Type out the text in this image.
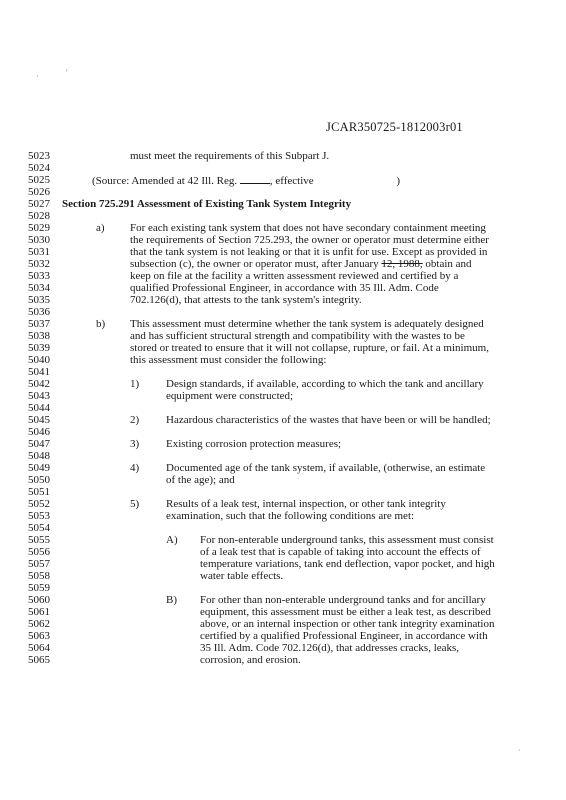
·	'
JCAR350725-1812003r01
5023
5024
5025
5026
5027
5028
5029
5030
5031
5032
5033
5034
5035
5036
5037
5038
5039
5040
5041
5042
5043
5044
5045
5046
5047
5048
5049
5050
5051
5052
5053
5054
5055
5056
5057
5058
5059
5060
5061
5062
5063
5064
5065
must meet the requirements of this Subpart J.
(Source: Amended at 42 Ill. Reg.	, effective	)
Section 725.291 Assessment of Existing Tank System Integrity
a) For each existing tank system that does not have secondary containment meeting
the requirements of Section 725.293, the owner or operator must determine either
that the tank system is not leaking or that it is unfit for use. Except as provided in
subsection (c), the owner or operator must, after January 12, 1988, obtain and
keep on file at the facility a written assessment reviewed and certified by a
qualified Professional Engineer, in accordance with 35 Ill. Adm. Code
702.126(d), that attests to the tank system's integrity.
b) This assessment must determine whether the tank system is adequately designed
and has sufficient structural strength and compatibility with the wastes to be
stored or treated to ensure that it will not collapse, rupture, or fail. At a minimum,
this assessment must consider the following:
1) Design standards, if available, according to which the tank and ancillary
equipment were constructed;
2) Hazardous characteristics of the wastes that have been or will be handled;
3) Existing corrosion protection measures;
4) Documented age of the tank system, if available, (otherwise, an estimate
of the age); and
5) Results of a leak test, internal inspection, or other tank integrity
examination, such that the following conditions are met:
A) For non-enterable underground tanks, this assessment must consist
of a leak test that is capable of taking into account the effects of
temperature variations, tank end deflection, vapor pocket, and high
water table effects.
B) For other than non-enterable underground tanks and for ancillary
equipment, this assessment must be either a leak test, as described
above, or an internal inspection or other tank integrity examination
certified by a qualified Professional Engineer, in accordance with
35 Ill. Adm. Code 702.126(d), that addresses cracks, leaks,
corrosion, and erosion.
·
